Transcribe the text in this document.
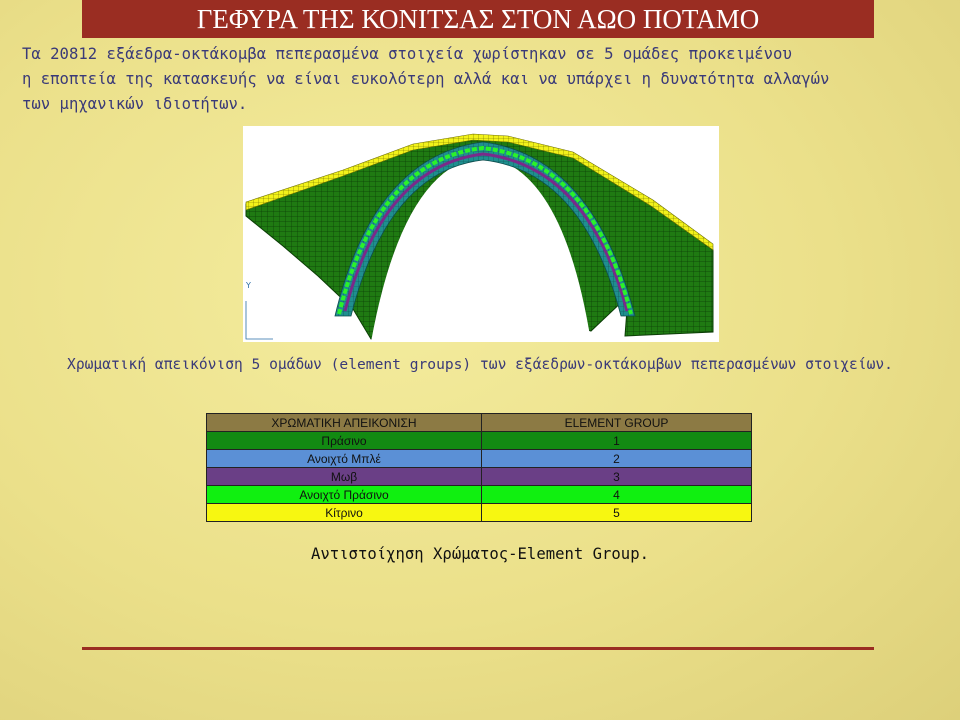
ΓΕΦΥΡΑ ΤΗΣ ΚΟΝΙΤΣΑΣ ΣΤΟΝ ΑΩΟ ΠΟΤΑΜΟ
Τα 20812 εξάεδρα-οκτάκομβα πεπερασμένα στοιχεία χωρίστηκαν σε 5 ομάδες προκειμένου
η εποπτεία της κατασκευής να είναι ευκολότερη αλλά και να υπάρχει η δυνατότητα αλλαγών
των μηχανικών ιδιοτήτων.
Y
Χρωματική απεικόνιση 5 ομάδων (element groups) των εξάεδρων-οκτάκομβων πεπερασμένων στοιχείων.
ΧΡΩΜΑΤΙΚΗ ΑΠΕΙΚΟΝΙΣΗ	ELEMENT GROUP
Πράσινο	1
Ανοιχτό Μπλέ	2
Μωβ	3
Ανοιχτό Πράσινο	4
Κίτρινο	5
Αντιστοίχηση Χρώματος-Element Group.
